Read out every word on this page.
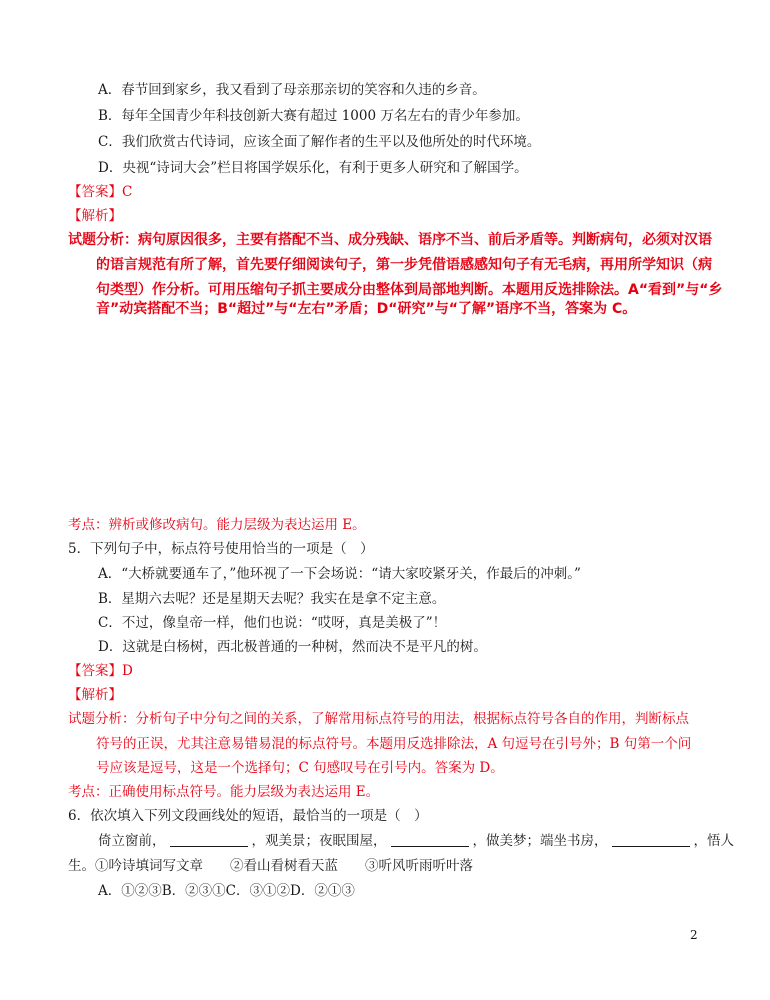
A．春节回到家乡，我又看到了母亲那亲切的笑容和久违的乡音。
B．每年全国青少年科技创新大赛有超过 1000 万名左右的青少年参加。
C．我们欣赏古代诗词，应该全面了解作者的生平以及他所处的时代环境。
D．央视“诗词大会”栏目将国学娱乐化，有利于更多人研究和了解国学。
【答案】C
【解析】
试题分析：病句原因很多，主要有搭配不当、成分残缺、语序不当、前后矛盾等。判断病句，必须对汉语
的语言规范有所了解，首先要仔细阅读句子，第一步凭借语感感知句子有无毛病，再用所学知识（病
句类型）作分析。可用压缩句子抓主要成分由整体到局部地判断。本题用反选排除法。A“看到”与“乡
音”动宾搭配不当；B“超过”与“左右”矛盾；D“研究”与“了解”语序不当，答案为 C。
考点：辨析或修改病句。能力层级为表达运用 E。
5．下列句子中，标点符号使用恰当的一项是（　）
A．“大桥就要通车了，”他环视了一下会场说：“请大家咬紧牙关，作最后的冲刺。”
B．星期六去呢？还是星期天去呢？我实在是拿不定主意。
C．不过，像皇帝一样，他们也说：“哎呀，真是美极了”！
D．这就是白杨树，西北极普通的一种树，然而决不是平凡的树。
【答案】D
【解析】
试题分析：分析句子中分句之间的关系，了解常用标点符号的用法，根据标点符号各自的作用，判断标点
符号的正误，尤其注意易错易混的标点符号。本题用反选排除法，A 句逗号在引号外；B 句第一个问
号应该是逗号，这是一个选择句；C 句感叹号在引号内。答案为 D。
考点：正确使用标点符号。能力层级为表达运用 E。
6．依次填入下列文段画线处的短语，最恰当的一项是（　）
倚立窗前，	，观美景；夜眠围屋，	，做美梦；端坐书房，	，悟人
生。①吟诗填词写文章　　②看山看树看天蓝　　③听风听雨听叶落
A．①②③B．②③①C．③①②D．②①③
2
